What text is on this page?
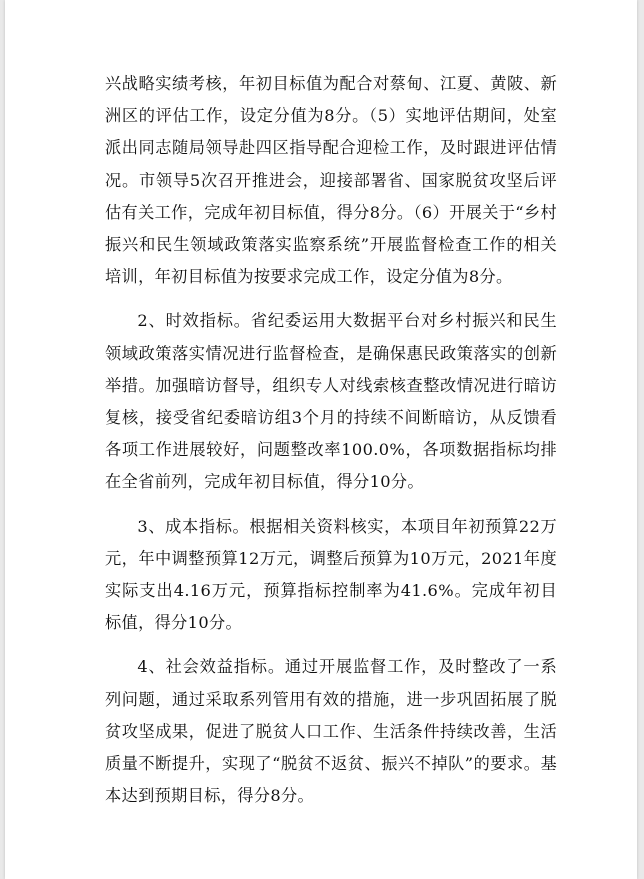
兴战略实绩考核，年初目标值为配合对蔡甸、江夏、黄陂、新洲区的评估工作，设定分值为8分。（5）实地评估期间，处室派出同志随局领导赴四区指导配合迎检工作，及时跟进评估情况。市领导5次召开推进会，迎接部署省、国家脱贫攻坚后评估有关工作，完成年初目标值，得分8分。（6）开展关于“乡村振兴和民生领域政策落实监察系统”开展监督检查工作的相关培训，年初目标值为按要求完成工作，设定分值为8分。

2、时效指标。省纪委运用大数据平台对乡村振兴和民生领域政策落实情况进行监督检查，是确保惠民政策落实的创新举措。加强暗访督导，组织专人对线索核查整改情况进行暗访复核，接受省纪委暗访组3个月的持续不间断暗访，从反馈看各项工作进展较好，问题整改率100.0%，各项数据指标均排在全省前列，完成年初目标值，得分10分。

3、成本指标。根据相关资料核实，本项目年初预算22万元，年中调整预算12万元，调整后预算为10万元，2021年度实际支出4.16万元，预算指标控制率为41.6%。完成年初目标值，得分10分。

4、社会效益指标。通过开展监督工作，及时整改了一系列问题，通过采取系列管用有效的措施，进一步巩固拓展了脱贫攻坚成果，促进了脱贫人口工作、生活条件持续改善，生活质量不断提升，实现了“脱贫不返贫、振兴不掉队”的要求。基本达到预期目标，得分8分。
